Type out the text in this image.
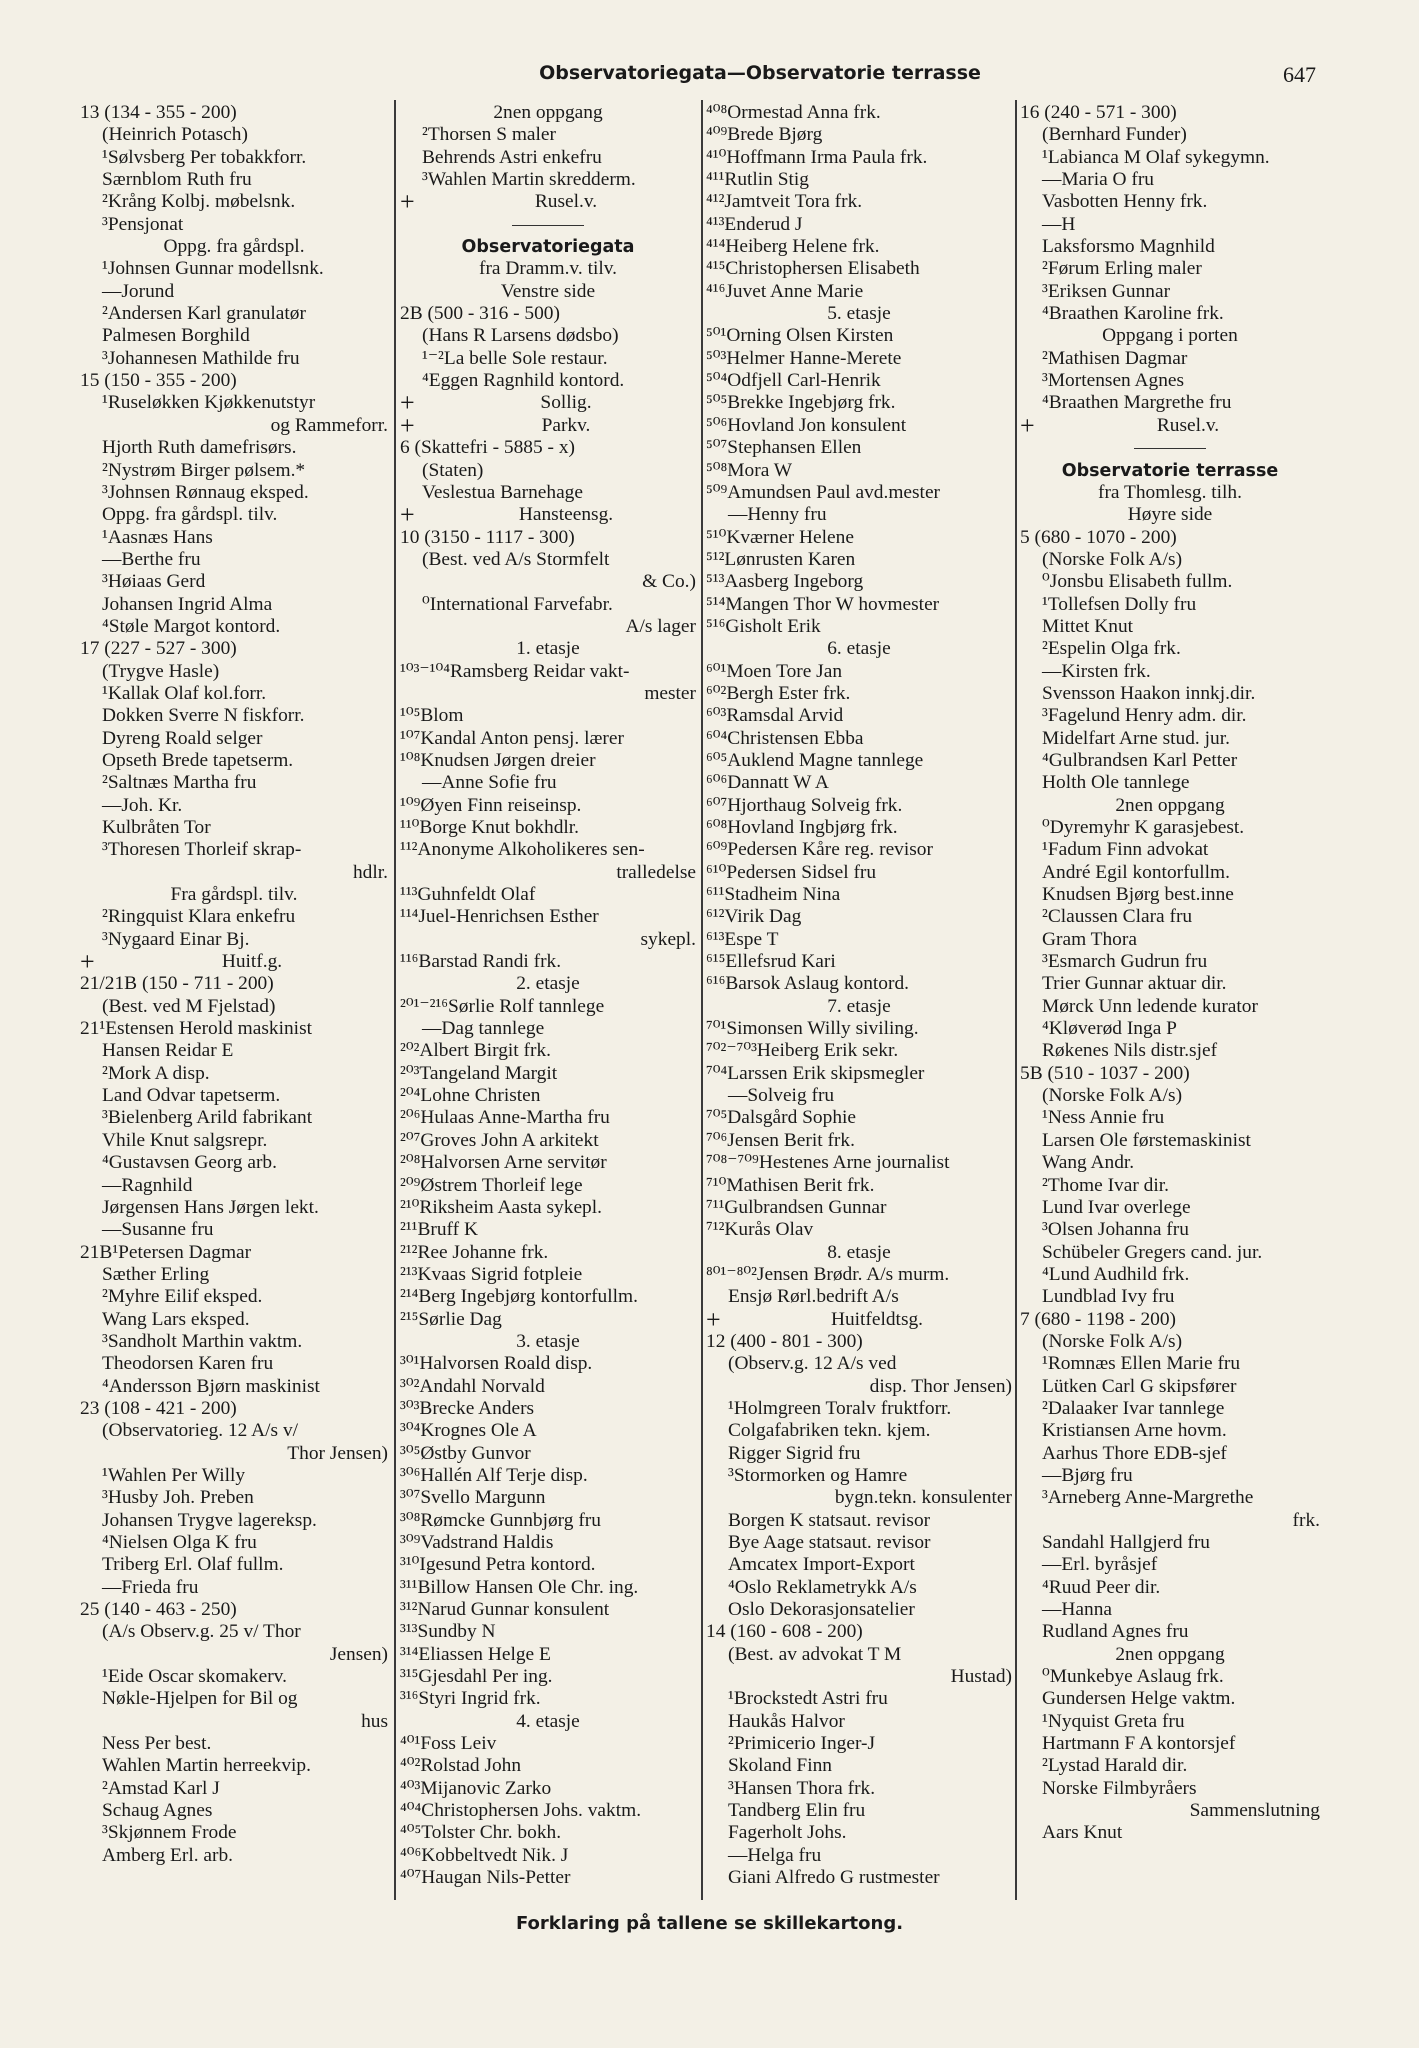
Observatoriegata—Observatorie terrasse	647
13 (134 - 355 - 200)
(Heinrich Potasch)
¹Sølvsberg Per tobakkforr.
Særnblom Ruth fru
²Krång Kolbj. møbelsnk.
³Pensjonat
Oppg. fra gårdspl.
¹Johnsen Gunnar modellsnk.
—Jorund
²Andersen Karl granulatør
Palmesen Borghild
³Johannesen Mathilde fru
15 (150 - 355 - 200)
¹Ruseløkken Kjøkkenutstyr
og Rammeforr.
Hjorth Ruth damefrisørs.
²Nystrøm Birger pølsem.*
³Johnsen Rønnaug eksped.
Oppg. fra gårdspl. tilv.
¹Aasnæs Hans
—Berthe fru
³Høiaas Gerd
Johansen Ingrid Alma
⁴Støle Margot kontord.
17 (227 - 527 - 300)
(Trygve Hasle)
¹Kallak Olaf kol.forr.
Dokken Sverre N fiskforr.
Dyreng Roald selger
Opseth Brede tapetserm.
²Saltnæs Martha fru
—Joh. Kr.
Kulbråten Tor
³Thoresen Thorleif skrap-
hdlr.
Fra gårdspl. tilv.
²Ringquist Klara enkefru
³Nygaard Einar Bj.
+	Huitf.g.
21/21B (150 - 711 - 200)
(Best. ved M Fjelstad)
21¹Estensen Herold maskinist
Hansen Reidar E
²Mork A disp.
Land Odvar tapetserm.
³Bielenberg Arild fabrikant
Vhile Knut salgsrepr.
⁴Gustavsen Georg arb.
—Ragnhild
Jørgensen Hans Jørgen lekt.
—Susanne fru
21B¹Petersen Dagmar
Sæther Erling
²Myhre Eilif eksped.
Wang Lars eksped.
³Sandholt Marthin vaktm.
Theodorsen Karen fru
⁴Andersson Bjørn maskinist
23 (108 - 421 - 200)
(Observatorieg. 12 A/s v/
Thor Jensen)
¹Wahlen Per Willy
³Husby Joh. Preben
Johansen Trygve lagereksp.
⁴Nielsen Olga K fru
Triberg Erl. Olaf fullm.
—Frieda fru
25 (140 - 463 - 250)
(A/s Observ.g. 25 v/ Thor
Jensen)
¹Eide Oscar skomakerv.
Nøkle-Hjelpen for Bil og
hus
Ness Per best.
Wahlen Martin herreekvip.
²Amstad Karl J
Schaug Agnes
³Skjønnem Frode
Amberg Erl. arb.
2nen oppgang
²Thorsen S maler
Behrends Astri enkefru
³Wahlen Martin skredderm.
+	Rusel.v.
Observatoriegata
fra Dramm.v. tilv.
Venstre side
2B (500 - 316 - 500)
(Hans R Larsens dødsbo)
¹⁻²La belle Sole restaur.
⁴Eggen Ragnhild kontord.
+	Sollig.
+	Parkv.
6 (Skattefri - 5885 - x)
(Staten)
Veslestua Barnehage
+	Hansteensg.
10 (3150 - 1117 - 300)
(Best. ved A/s Stormfelt
& Co.)
⁰International Farvefabr.
A/s lager
1. etasje
¹⁰³⁻¹⁰⁴Ramsberg Reidar vakt-
mester
¹⁰⁵Blom
¹⁰⁷Kandal Anton pensj. lærer
¹⁰⁸Knudsen Jørgen dreier
—Anne Sofie fru
¹⁰⁹Øyen Finn reiseinsp.
¹¹⁰Borge Knut bokhdlr.
¹¹²Anonyme Alkoholikeres sen-
tralledelse
¹¹³Guhnfeldt Olaf
¹¹⁴Juel-Henrichsen Esther
sykepl.
¹¹⁶Barstad Randi frk.
2. etasje
²⁰¹⁻²¹⁶Sørlie Rolf tannlege
—Dag tannlege
²⁰²Albert Birgit frk.
²⁰³Tangeland Margit
²⁰⁴Lohne Christen
²⁰⁶Hulaas Anne-Martha fru
²⁰⁷Groves John A arkitekt
²⁰⁸Halvorsen Arne servitør
²⁰⁹Østrem Thorleif lege
²¹⁰Riksheim Aasta sykepl.
²¹¹Bruff K
²¹²Ree Johanne frk.
²¹³Kvaas Sigrid fotpleie
²¹⁴Berg Ingebjørg kontorfullm.
²¹⁵Sørlie Dag
3. etasje
³⁰¹Halvorsen Roald disp.
³⁰²Andahl Norvald
³⁰³Brecke Anders
³⁰⁴Krognes Ole A
³⁰⁵Østby Gunvor
³⁰⁶Hallén Alf Terje disp.
³⁰⁷Svello Margunn
³⁰⁸Rømcke Gunnbjørg fru
³⁰⁹Vadstrand Haldis
³¹⁰Igesund Petra kontord.
³¹¹Billow Hansen Ole Chr. ing.
³¹²Narud Gunnar konsulent
³¹³Sundby N
³¹⁴Eliassen Helge E
³¹⁵Gjesdahl Per ing.
³¹⁶Styri Ingrid frk.
4. etasje
⁴⁰¹Foss Leiv
⁴⁰²Rolstad John
⁴⁰³Mijanovic Zarko
⁴⁰⁴Christophersen Johs. vaktm.
⁴⁰⁵Tolster Chr. bokh.
⁴⁰⁶Kobbeltvedt Nik. J
⁴⁰⁷Haugan Nils-Petter
⁴⁰⁸Ormestad Anna frk.
⁴⁰⁹Brede Bjørg
⁴¹⁰Hoffmann Irma Paula frk.
⁴¹¹Rutlin Stig
⁴¹²Jamtveit Tora frk.
⁴¹³Enderud J
⁴¹⁴Heiberg Helene frk.
⁴¹⁵Christophersen Elisabeth
⁴¹⁶Juvet Anne Marie
5. etasje
⁵⁰¹Orning Olsen Kirsten
⁵⁰³Helmer Hanne-Merete
⁵⁰⁴Odfjell Carl-Henrik
⁵⁰⁵Brekke Ingebjørg frk.
⁵⁰⁶Hovland Jon konsulent
⁵⁰⁷Stephansen Ellen
⁵⁰⁸Mora W
⁵⁰⁹Amundsen Paul avd.mester
—Henny fru
⁵¹⁰Kværner Helene
⁵¹²Lønrusten Karen
⁵¹³Aasberg Ingeborg
⁵¹⁴Mangen Thor W hovmester
⁵¹⁶Gisholt Erik
6. etasje
⁶⁰¹Moen Tore Jan
⁶⁰²Bergh Ester frk.
⁶⁰³Ramsdal Arvid
⁶⁰⁴Christensen Ebba
⁶⁰⁵Auklend Magne tannlege
⁶⁰⁶Dannatt W A
⁶⁰⁷Hjorthaug Solveig frk.
⁶⁰⁸Hovland Ingbjørg frk.
⁶⁰⁹Pedersen Kåre reg. revisor
⁶¹⁰Pedersen Sidsel fru
⁶¹¹Stadheim Nina
⁶¹²Virik Dag
⁶¹³Espe T
⁶¹⁵Ellefsrud Kari
⁶¹⁶Barsok Aslaug kontord.
7. etasje
⁷⁰¹Simonsen Willy siviling.
⁷⁰²⁻⁷⁰³Heiberg Erik sekr.
⁷⁰⁴Larssen Erik skipsmegler
—Solveig fru
⁷⁰⁵Dalsgård Sophie
⁷⁰⁶Jensen Berit frk.
⁷⁰⁸⁻⁷⁰⁹Hestenes Arne journalist
⁷¹⁰Mathisen Berit frk.
⁷¹¹Gulbrandsen Gunnar
⁷¹²Kurås Olav
8. etasje
⁸⁰¹⁻⁸⁰²Jensen Brødr. A/s murm.
Ensjø Rørl.bedrift A/s
+	Huitfeldtsg.
12 (400 - 801 - 300)
(Observ.g. 12 A/s ved
disp. Thor Jensen)
¹Holmgreen Toralv fruktforr.
Colgafabriken tekn. kjem.
Rigger Sigrid fru
³Stormorken og Hamre
bygn.tekn. konsulenter
Borgen K statsaut. revisor
Bye Aage statsaut. revisor
Amcatex Import-Export
⁴Oslo Reklametrykk A/s
Oslo Dekorasjonsatelier
14 (160 - 608 - 200)
(Best. av advokat T M
Hustad)
¹Brockstedt Astri fru
Haukås Halvor
²Primicerio Inger-J
Skoland Finn
³Hansen Thora frk.
Tandberg Elin fru
Fagerholt Johs.
—Helga fru
Giani Alfredo G rustmester
16 (240 - 571 - 300)
(Bernhard Funder)
¹Labianca M Olaf sykegymn.
—Maria O fru
Vasbotten Henny frk.
—H
Laksforsmo Magnhild
²Førum Erling maler
³Eriksen Gunnar
⁴Braathen Karoline frk.
Oppgang i porten
²Mathisen Dagmar
³Mortensen Agnes
⁴Braathen Margrethe fru
+	Rusel.v.
Observatorie terrasse
fra Thomlesg. tilh.
Høyre side
5 (680 - 1070 - 200)
(Norske Folk A/s)
⁰Jonsbu Elisabeth fullm.
¹Tollefsen Dolly fru
Mittet Knut
²Espelin Olga frk.
—Kirsten frk.
Svensson Haakon innkj.dir.
³Fagelund Henry adm. dir.
Midelfart Arne stud. jur.
⁴Gulbrandsen Karl Petter
Holth Ole tannlege
2nen oppgang
⁰Dyremyhr K garasjebest.
¹Fadum Finn advokat
André Egil kontorfullm.
Knudsen Bjørg best.inne
²Claussen Clara fru
Gram Thora
³Esmarch Gudrun fru
Trier Gunnar aktuar dir.
Mørck Unn ledende kurator
⁴Kløverød Inga P
Røkenes Nils distr.sjef
5B (510 - 1037 - 200)
(Norske Folk A/s)
¹Ness Annie fru
Larsen Ole førstemaskinist
Wang Andr.
²Thome Ivar dir.
Lund Ivar overlege
³Olsen Johanna fru
Schübeler Gregers cand. jur.
⁴Lund Audhild frk.
Lundblad Ivy fru
7 (680 - 1198 - 200)
(Norske Folk A/s)
¹Romnæs Ellen Marie fru
Lütken Carl G skipsfører
²Dalaaker Ivar tannlege
Kristiansen Arne hovm.
Aarhus Thore EDB-sjef
—Bjørg fru
³Arneberg Anne-Margrethe
frk.
Sandahl Hallgjerd fru
—Erl. byråsjef
⁴Ruud Peer dir.
—Hanna
Rudland Agnes fru
2nen oppgang
⁰Munkebye Aslaug frk.
Gundersen Helge vaktm.
¹Nyquist Greta fru
Hartmann F A kontorsjef
²Lystad Harald dir.
Norske Filmbyråers
Sammenslutning
Aars Knut
Forklaring på tallene se skillekartong.
